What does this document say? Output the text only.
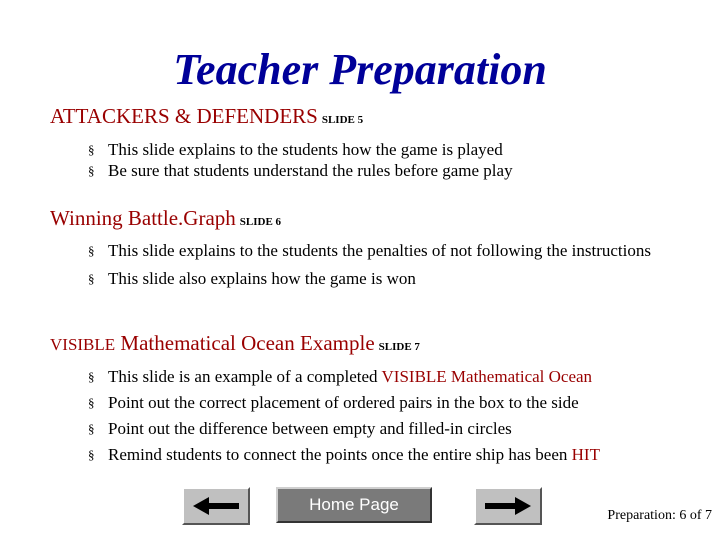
Teacher Preparation
ATTACKERS & DEFENDERS SLIDE 5
§ This slide explains to the students how the game is played
§ Be sure that students understand the rules before game play
Winning Battle.Graph SLIDE 6
§ This slide explains to the students the penalties of not following the instructions
§ This slide also explains how the game is won
VISIBLE Mathematical Ocean Example SLIDE 7
§ This slide is an example of a completed VISIBLE Mathematical Ocean
§ Point out the correct placement of ordered pairs in the box to the side
§ Point out the difference between empty and filled-in circles
§ Remind students to connect the points once the entire ship has been HIT
Home Page
Preparation: 6 of 7
